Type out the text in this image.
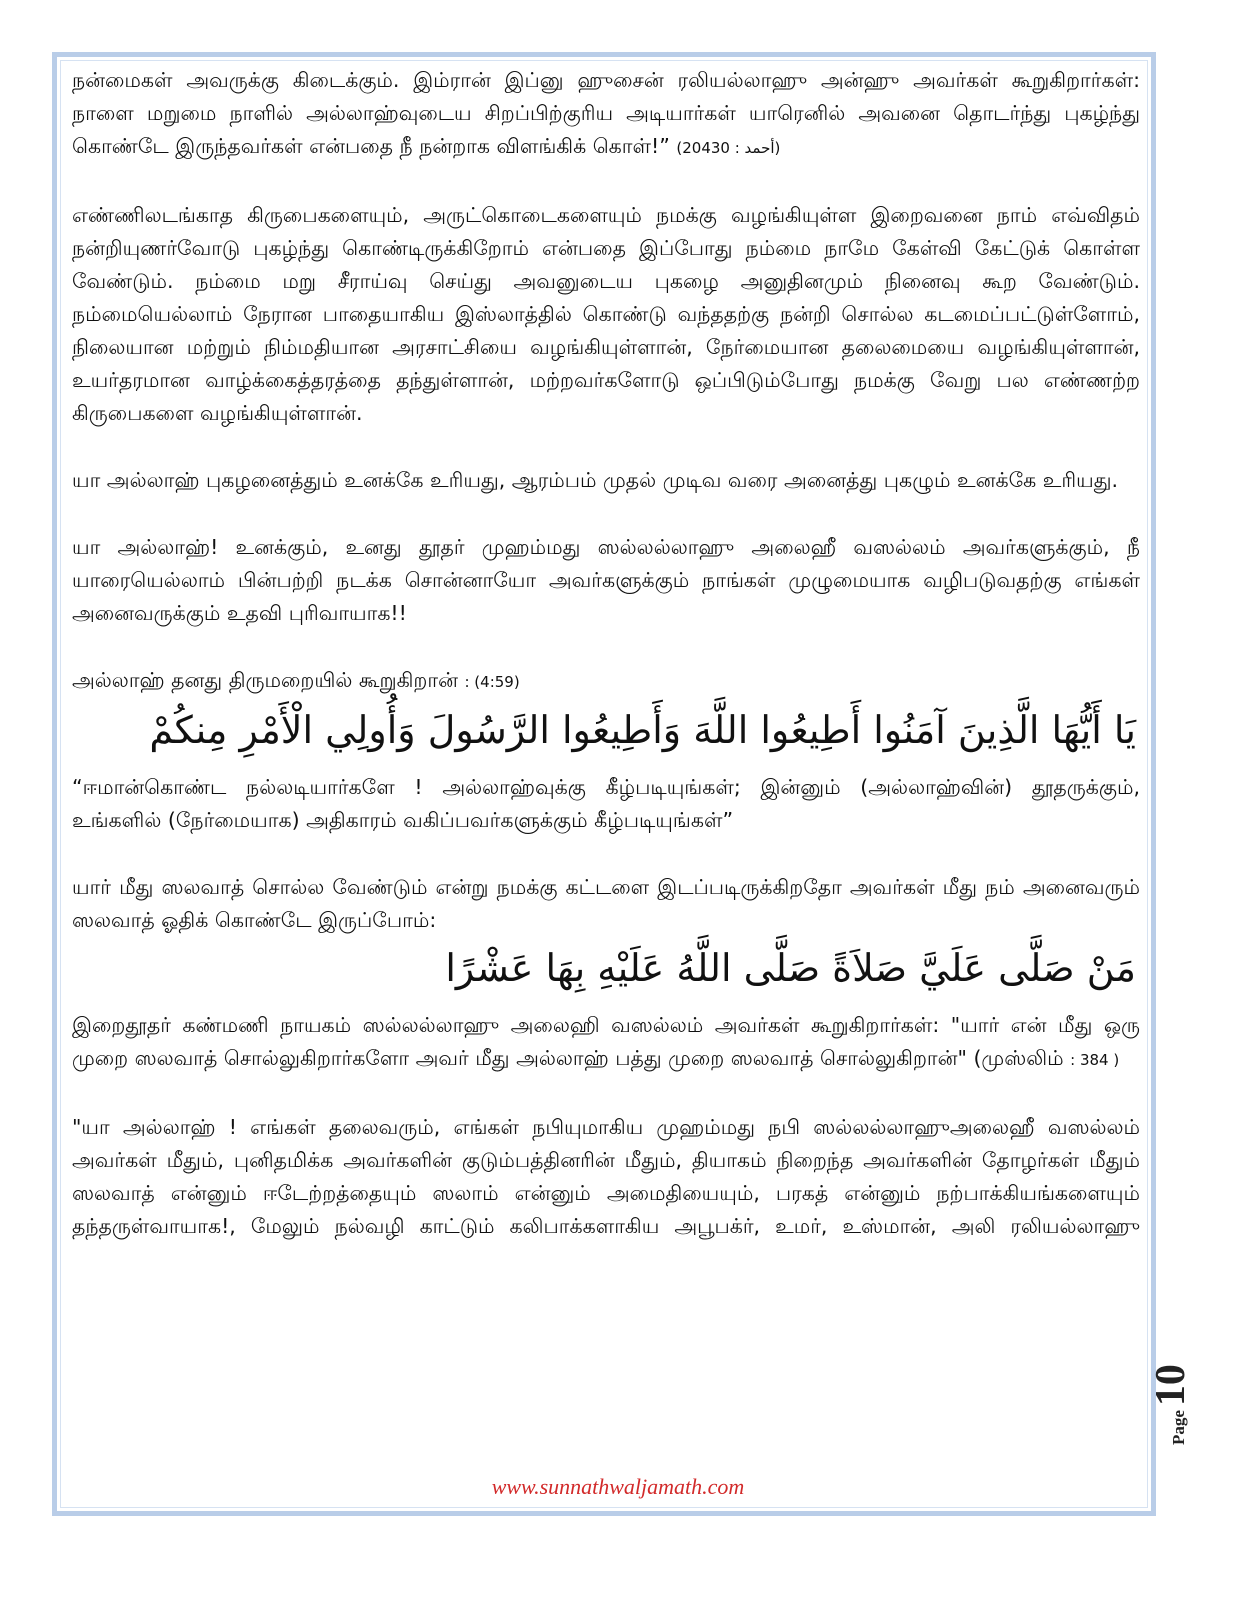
நன்மைகள் அவருக்கு கிடைக்கும். இம்ரான் இப்னு ஹுசைன் ரலியல்லாஹு அன்ஹு அவர்கள் கூறுகிறார்கள்: நாளை மறுமை நாளில் அல்லாஹ்வுடைய சிறப்பிற்குரிய அடியார்கள் யாரெனில் அவனை தொடர்ந்து புகழ்ந்து கொண்டே இருந்தவர்கள் என்பதை நீ நன்றாக விளங்கிக் கொள்!” (20430 : أحمد)

எண்ணிலடங்காத கிருபைகளையும், அருட்கொடைகளையும் நமக்கு வழங்கியுள்ள இறைவனை நாம் எவ்விதம் நன்றியுணர்வோடு புகழ்ந்து கொண்டிருக்கிறோம் என்பதை இப்போது நம்மை நாமே கேள்வி கேட்டுக் கொள்ள வேண்டும். நம்மை மறு சீராய்வு செய்து அவனுடைய புகழை அனுதினமும் நினைவு கூற வேண்டும். நம்மையெல்லாம் நேரான பாதையாகிய இஸ்லாத்தில் கொண்டு வந்ததற்கு நன்றி சொல்ல கடமைப்பட்டுள்ளோம், நிலையான மற்றும் நிம்மதியான அரசாட்சியை வழங்கியுள்ளான், நேர்மையான தலைமையை வழங்கியுள்ளான், உயர்தரமான வாழ்க்கைத்தரத்தை தந்துள்ளான், மற்றவர்களோடு ஒப்பிடும்போது நமக்கு வேறு பல எண்ணற்ற கிருபைகளை வழங்கியுள்ளான்.

யா அல்லாஹ் புகழனைத்தும் உனக்கே உரியது, ஆரம்பம் முதல் முடிவ வரை அனைத்து புகழும் உனக்கே உரியது.

யா அல்லாஹ்! உனக்கும், உனது தூதர் முஹம்மது ஸல்லல்லாஹு அலைஹீ வஸல்லம் அவர்களுக்கும், நீ யாரையெல்லாம் பின்பற்றி நடக்க சொன்னாயோ அவர்களுக்கும் நாங்கள் முழுமையாக வழிபடுவதற்கு எங்கள் அனைவருக்கும் உதவி புரிவாயாக!!

அல்லாஹ் தனது திருமறையில் கூறுகிறான் : (4:59)

يَا أَيُّهَا الَّذِينَ آمَنُوا أَطِيعُوا اللَّهَ وَأَطِيعُوا الرَّسُولَ وَأُولِي الْأَمْرِ مِنكُمْ

“ஈமான்கொண்ட நல்லடியார்களே ! அல்லாஹ்வுக்கு கீழ்படியுங்கள்; இன்னும் (அல்லாஹ்வின்) தூதருக்கும், உங்களில் (நேர்மையாக) அதிகாரம் வகிப்பவர்களுக்கும் கீழ்படியுங்கள்”

யார் மீது ஸலவாத் சொல்ல வேண்டும் என்று நமக்கு கட்டளை இடப்படிருக்கிறதோ அவர்கள் மீது நம் அனைவரும் ஸலவாத் ஓதிக் கொண்டே இருப்போம்:

مَنْ صَلَّى عَلَيَّ صَلاَةً صَلَّى اللَّهُ عَلَيْهِ بِهَا عَشْرًا

இறைதூதர் கண்மணி நாயகம் ஸல்லல்லாஹு அலைஹி வஸல்லம் அவர்கள் கூறுகிறார்கள்: "யார் என் மீது ஒரு முறை ஸலவாத் சொல்லுகிறார்களோ அவர் மீது அல்லாஹ் பத்து முறை ஸலவாத் சொல்லுகிறான்" (முஸ்லிம் : 384 )

"யா அல்லாஹ் ! எங்கள் தலைவரும், எங்கள் நபியுமாகிய முஹம்மது நபி ஸல்லல்லாஹுஅலைஹீ வஸல்லம் அவர்கள் மீதும், புனிதமிக்க அவர்களின் குடும்பத்தினரின் மீதும், தியாகம் நிறைந்த அவர்களின் தோழர்கள் மீதும் ஸலவாத் என்னும் ஈடேற்றத்தையும் ஸலாம் என்னும் அமைதியையும், பரகத் என்னும் நற்பாக்கியங்களையும் தந்தருள்வாயாக!, மேலும் நல்வழி காட்டும் கலிபாக்களாகிய அபூபக்ர், உமர், உஸ்மான், அலி ரலியல்லாஹு

www.sunnathwaljamath.com
Page 10
